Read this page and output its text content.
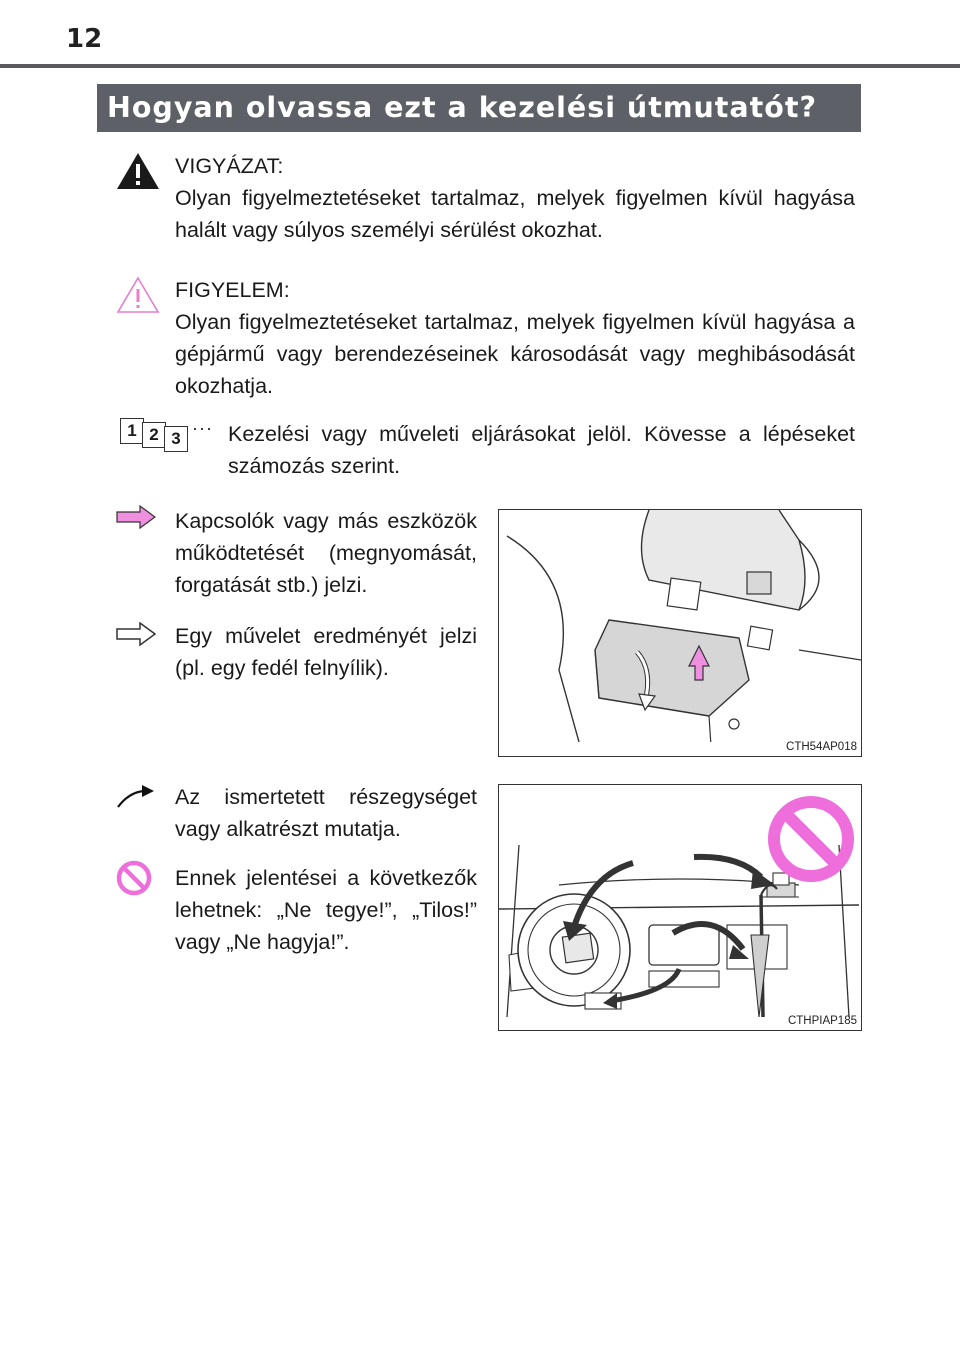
12
Hogyan olvassa ezt a kezelési útmutatót?

VIGYÁZAT:

Olyan figyelmeztetéseket tartalmaz, melyek figyelmen kívül hagyása halált vagy súlyos személyi sérülést okozhat.

FIGYELEM:

Olyan figyelmeztetéseket tartalmaz, melyek figyelmen kívül hagyása a gépjármű vagy berendezéseinek károsodását vagy meghibásodását okozhatja.

1 2 3
··· Kezelési vagy műveleti eljárásokat jelöl. Kövesse a lépéseket számozás szerint.
Kapcsolók vagy más eszközök működtetését (megnyomását, forgatását stb.) jelzi.
Egy művelet eredményét jelzi (pl. egy fedél felnyílik).
CTH54AP018
Az ismertetett részegységet vagy alkatrészt mutatja.
Ennek jelentései a következők lehetnek: „Ne tegye!”, „Tilos!” vagy „Ne hagyja!”.
CTHPIAP185
